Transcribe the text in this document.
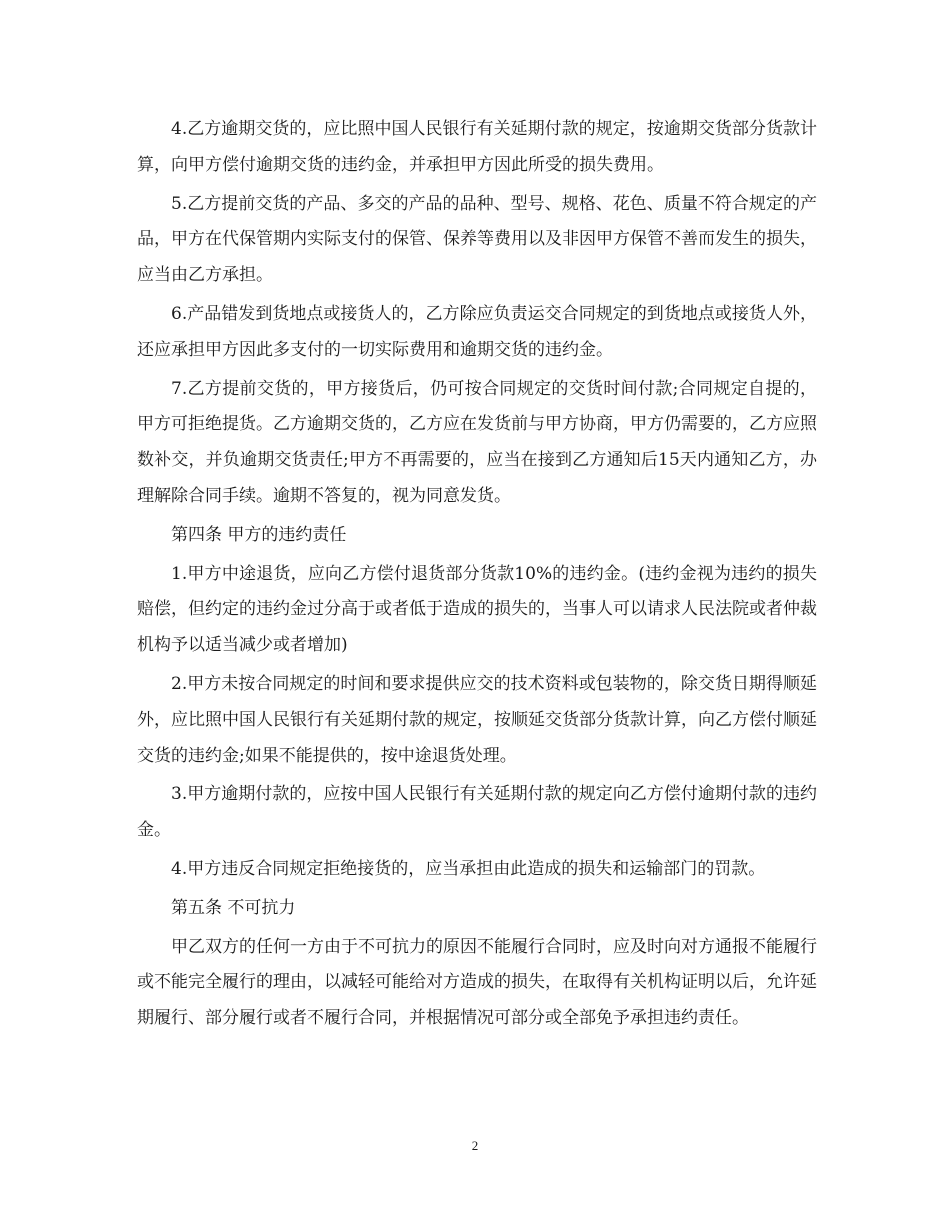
4.乙方逾期交货的，应比照中国人民银行有关延期付款的规定，按逾期交货部分货款计算，向甲方偿付逾期交货的违约金，并承担甲方因此所受的损失费用。

5.乙方提前交货的产品、多交的产品的品种、型号、规格、花色、质量不符合规定的产品，甲方在代保管期内实际支付的保管、保养等费用以及非因甲方保管不善而发生的损失，应当由乙方承担。

6.产品错发到货地点或接货人的，乙方除应负责运交合同规定的到货地点或接货人外，还应承担甲方因此多支付的一切实际费用和逾期交货的违约金。

7.乙方提前交货的，甲方接货后，仍可按合同规定的交货时间付款;合同规定自提的，甲方可拒绝提货。乙方逾期交货的，乙方应在发货前与甲方协商，甲方仍需要的，乙方应照数补交，并负逾期交货责任;甲方不再需要的，应当在接到乙方通知后15天内通知乙方，办理解除合同手续。逾期不答复的，视为同意发货。

第四条 甲方的违约责任

1.甲方中途退货，应向乙方偿付退货部分货款10%的违约金。(违约金视为违约的损失赔偿，但约定的违约金过分高于或者低于造成的损失的，当事人可以请求人民法院或者仲裁机构予以适当减少或者增加)

2.甲方未按合同规定的时间和要求提供应交的技术资料或包装物的，除交货日期得顺延外，应比照中国人民银行有关延期付款的规定，按顺延交货部分货款计算，向乙方偿付顺延交货的违约金;如果不能提供的，按中途退货处理。

3.甲方逾期付款的，应按中国人民银行有关延期付款的规定向乙方偿付逾期付款的违约金。

4.甲方违反合同规定拒绝接货的，应当承担由此造成的损失和运输部门的罚款。

第五条 不可抗力

甲乙双方的任何一方由于不可抗力的原因不能履行合同时，应及时向对方通报不能履行或不能完全履行的理由，以减轻可能给对方造成的损失，在取得有关机构证明以后，允许延期履行、部分履行或者不履行合同，并根据情况可部分或全部免予承担违约责任。

2
